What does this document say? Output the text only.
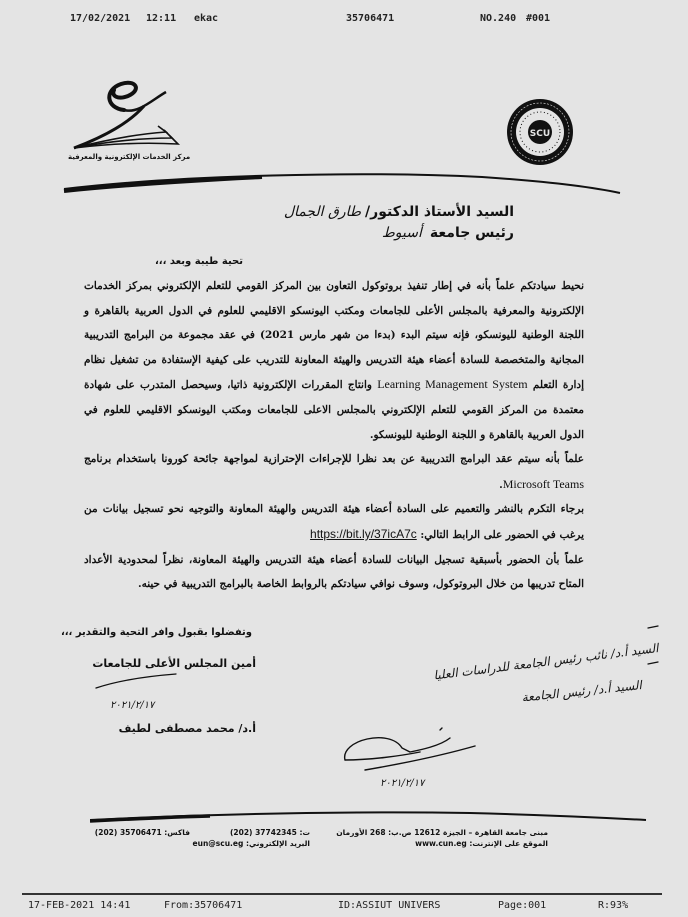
17/02/2021 12:11 ekac	35706471	NO.240 #001
مركز الخدمات الإلكترونية والمعرفية
SCU
السيد الأستاذ الدكتور/طارق الجمال
رئيس جامعةأسيوط
تحية طيبة وبعد ،،،

نحيط سيادتكم علماً بأنه في إطار تنفيذ بروتوكول التعاون بين المركز القومي للتعلم الإلكتروني بمركز الخدمات الإلكترونية والمعرفية بالمجلس الأعلى للجامعات ومكتب اليونسكو الاقليمي للعلوم في الدول العربية بالقاهرة و اللجنة الوطنية لليونسكو، فإنه سيتم البدء (بدءا من شهر مارس 2021) في عقد مجموعة من البرامج التدريبية المجانية والمتخصصة للسادة أعضاء هيئة التدريس والهيئة المعاونة للتدريب على كيفية الإستفادة من تشغيل نظام إدارة التعلم Learning Management System وانتاج المقررات الإلكترونية ذاتيا، وسيحصل المتدرب على شهادة معتمدة من المركز القومي للتعلم الإلكتروني بالمجلس الاعلى للجامعات ومكتب اليونسكو الاقليمي للعلوم في الدول العربية بالقاهرة و اللجنة الوطنية لليونسكو.

علماً بأنه سيتم عقد البرامج التدريبية عن بعد نظرا للإجراءات الإحترازية لمواجهة جائحة كورونا باستخدام برنامج Microsoft Teams.

برجاء التكرم بالنشر والتعميم على السادة أعضاء هيئة التدريس والهيئة المعاونة والتوجيه نحو تسجيل بيانات من يرغب في الحضور على الرابط التالي: https://bit.ly/37icA7c

علماً بأن الحضور بأسبقية تسجيل البيانات للسادة أعضاء هيئة التدريس والهيئة المعاونة، نظراً لمحدودية الأعداد المتاح تدريبها من خلال البروتوكول، وسوف نوافي سيادتكم بالروابط الخاصة بالبرامج التدريبية في حينه.

وتفضلوا بقبول وافر التحية والتقدير ،،،
أمين المجلس الأعلى للجامعات
أ.د/ محمد مصطفى لطيف
السيد أ.د/ نائب رئيس الجامعة للدراسات العليا
السيد أ.د/ رئيس الجامعة
٢٠٢١/٢/١٧
٢٠٢١/٢/١٧
مبنى جامعة القاهرة – الجيزة 12612 ص.ب: 268 الأورمان
الموقع على الإنترنت: www.cun.eg
ت: 37742345 (202)
البريد الإلكتروني: eun@scu.eg
فاكس: 35706471 (202)
17-FEB-2021 14:41	From:35706471	ID:ASSIUT UNIVERS	Page:001	R:93%
